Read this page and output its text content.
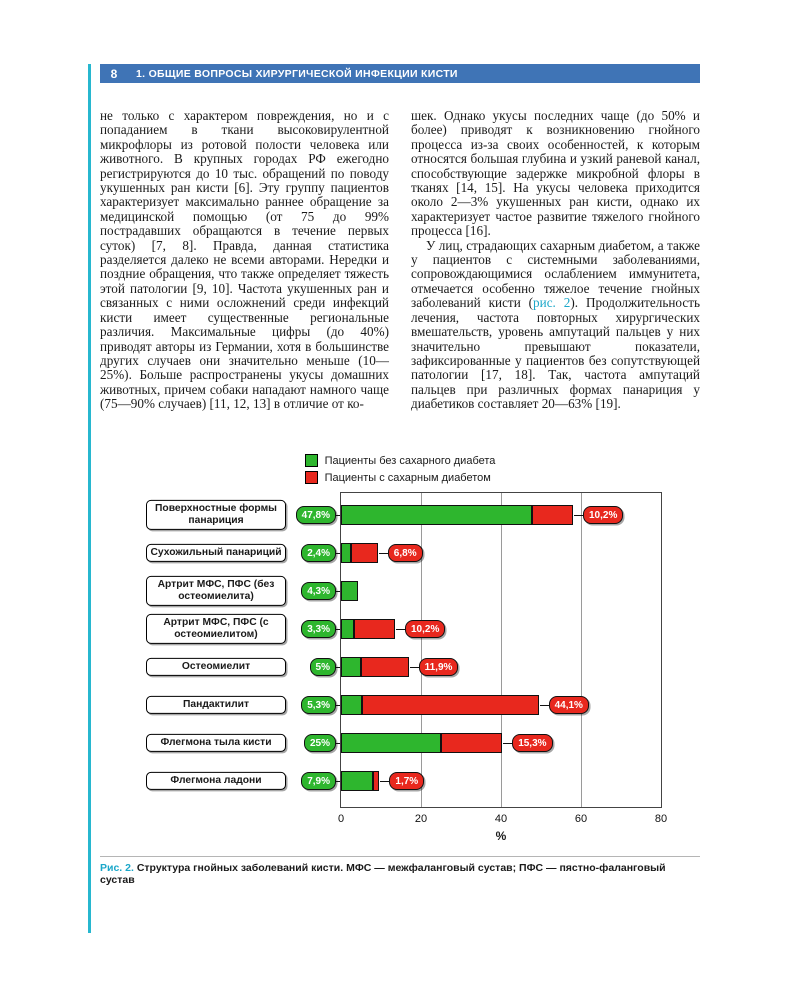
8	1. ОБЩИЕ ВОПРОСЫ ХИРУРГИЧЕСКОЙ ИНФЕКЦИИ КИСТИ

не только с характером повреждения, но и с попаданием в ткани высоковирулентной микрофлоры из ротовой полости человека или животного. В крупных городах РФ ежегодно регистрируются до 10 тыс. обращений по поводу укушенных ран кисти [6]. Эту группу пациентов характеризует максимально раннее обращение за медицинской помощью (от 75 до 99% пострадавших обращаются в течение первых суток) [7, 8]. Правда, данная статистика разделяется далеко не всеми авторами. Нередки и поздние обращения, что также определяет тяжесть этой патологии [9, 10]. Частота укушенных ран и связанных с ними осложнений среди инфекций кисти имеет существенные региональные различия. Максимальные цифры (до 40%) приводят авторы из Германии, хотя в большинстве других случаев они значительно меньше (10—25%). Больше распространены укусы домашних животных, причем собаки нападают намного чаще (75—90% случаев) [11, 12, 13] в отличие от ко-

шек. Однако укусы последних чаще (до 50% и более) приводят к возникновению гнойного процесса из-за своих особенностей, к которым относятся большая глубина и узкий раневой канал, способствующие задержке микробной флоры в тканях [14, 15]. На укусы человека приходится около 2—3% укушенных ран кисти, однако их характеризует частое развитие тяжелого гнойного процесса [16].

У лиц, страдающих сахарным диабетом, а также у пациентов с системными заболеваниями, сопровождающимися ослаблением иммунитета, отмечается особенно тяжелое течение гнойных заболеваний кисти (рис. 2). Продолжительность лечения, частота повторных хирургических вмешательств, уровень ампутаций пальцев у них значительно превышают показатели, зафиксированные у пациентов без сопутствующей патологии [17, 18]. Так, частота ампутаций пальцев при различных формах панариция у диабетиков составляет 20—63% [19].

Пациенты без сахарного диабета
Пациенты с сахарным диабетом
Поверхностные формы панариция	47,8%	10,2%
Сухожильный панариций	2,4%	6,8%
Артрит МФС, ПФС (без остеомиелита)	4,3%
Артрит МФС, ПФС (с остеомиелитом)	3,3%	10,2%
Остеомиелит	5%	11,9%
Пандактилит	5,3%	44,1%
Флегмона тыла кисти	25%	15,3%
Флегмона ладони	7,9%	1,7%
%
0	20	40	60	80
Рис. 2. Структура гнойных заболеваний кисти. МФС — межфаланговый сустав; ПФС — пястно-фаланговый сустав
